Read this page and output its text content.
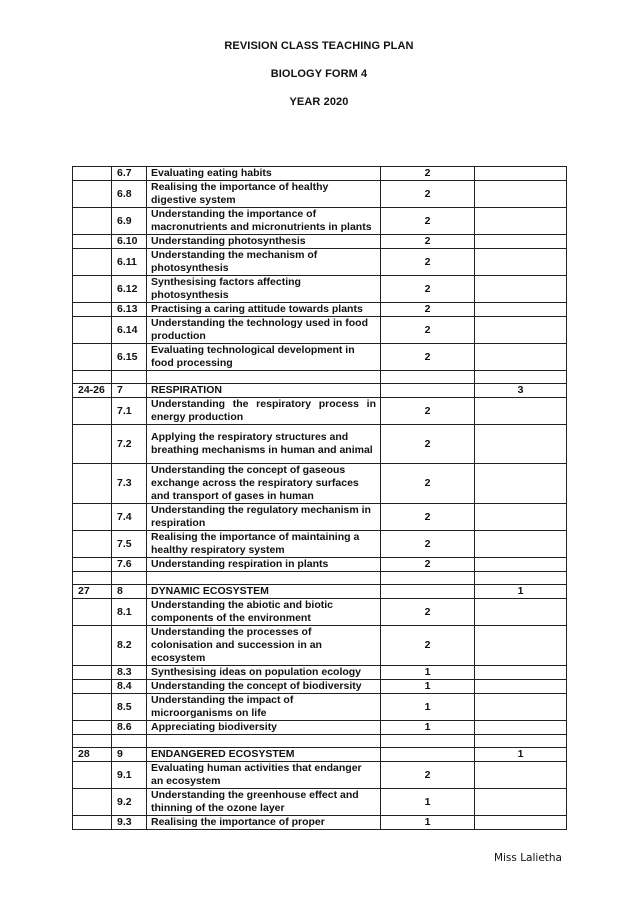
REVISION CLASS TEACHING PLAN
BIOLOGY FORM 4
YEAR 2020
	6.7	Evaluating eating habits	2	
	6.8	Realising the importance of healthy digestive system	2	
	6.9	Understanding the importance of macronutrients and micronutrients in plants	2	
	6.10	Understanding photosynthesis	2	
	6.11	Understanding the mechanism of photosynthesis	2	
	6.12	Synthesising factors affecting photosynthesis	2	
	6.13	Practising a caring attitude towards plants	2	
	6.14	Understanding the technology used in food production	2	
	6.15	Evaluating technological development in food processing	2	

24-26	7	RESPIRATION		3
	7.1	Understanding the respiratory process in energy production	2	
	7.2	Applying the respiratory structures and breathing mechanisms in human and animal	2	
	7.3	Understanding the concept of gaseous exchange across the respiratory surfaces and transport of gases in human	2	
	7.4	Understanding the regulatory mechanism in respiration	2	
	7.5	Realising the importance of maintaining a healthy respiratory system	2	
	7.6	Understanding respiration in plants	2	

27	8	DYNAMIC ECOSYSTEM		1
	8.1	Understanding the abiotic and biotic components of the environment	2	
	8.2	Understanding the processes of colonisation and succession in an ecosystem	2	
	8.3	Synthesising ideas on population ecology	1	
	8.4	Understanding the concept of biodiversity	1	
	8.5	Understanding the impact of microorganisms on life	1	
	8.6	Appreciating biodiversity	1	

28	9	ENDANGERED ECOSYSTEM		1
	9.1	Evaluating human activities that endanger an ecosystem	2	
	9.2	Understanding the greenhouse effect and thinning of the ozone layer	1	
	9.3	Realising the importance of proper	1	
Miss Lalietha
